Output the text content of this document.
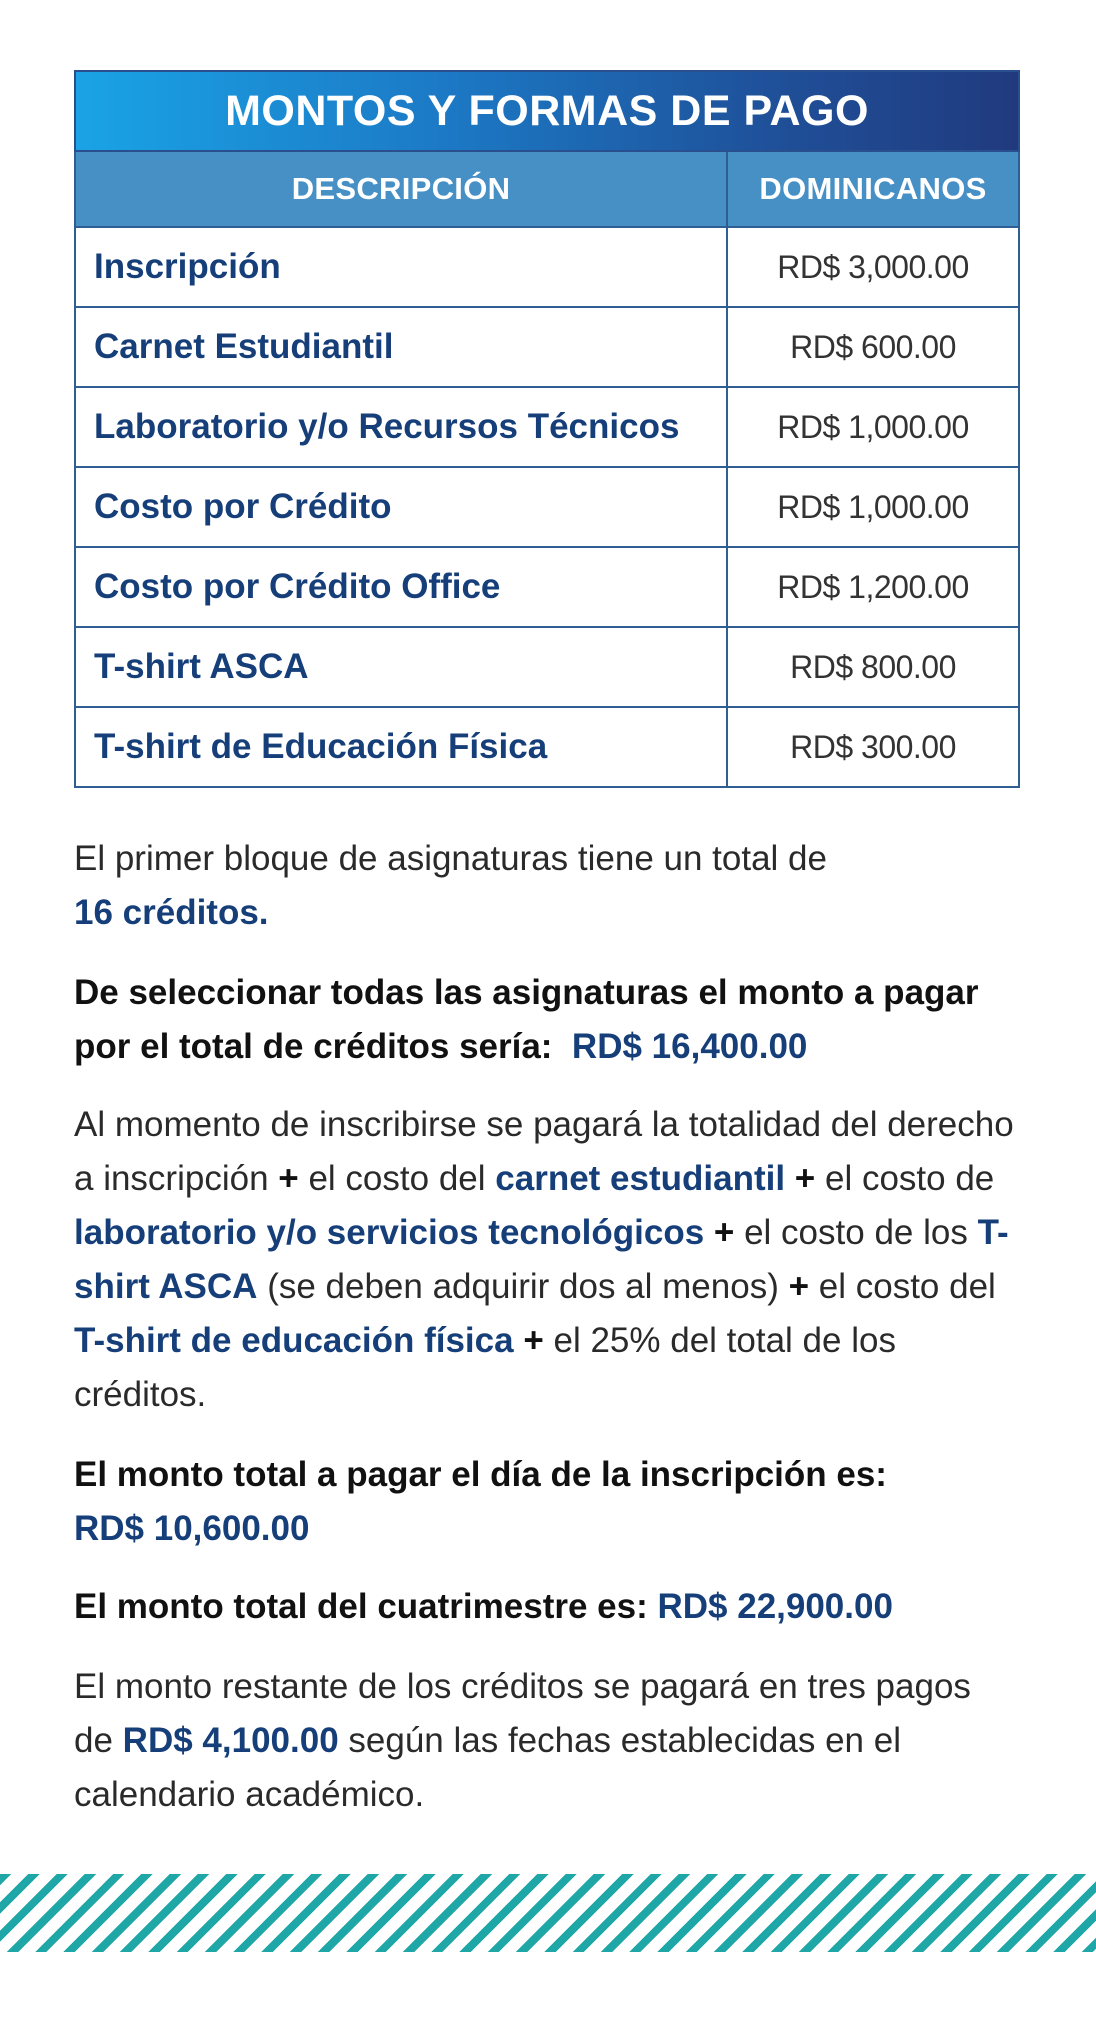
MONTOS Y FORMAS DE PAGO	
DESCRIPCIÓN	DOMINICANOS
Inscripción	RD$ 3,000.00
Carnet Estudiantil	RD$ 600.00
Laboratorio y/o Recursos Técnicos	RD$ 1,000.00
Costo por Crédito	RD$ 1,000.00
Costo por Crédito Office	RD$ 1,200.00
T-shirt ASCA	RD$ 800.00
T-shirt de Educación Física	RD$ 300.00
El primer bloque de asignaturas tiene un total de
16 créditos.
De seleccionar todas las asignaturas el monto a pagar por el total de créditos sería: RD$ 16,400.00
Al momento de inscribirse se pagará la totalidad del derecho a inscripción + el costo del carnet estudiantil + el costo de laboratorio y/o servicios tecnológicos + el costo de los T-shirt ASCA (se deben adquirir dos al menos) + el costo del T-shirt de educación física + el 25% del total de los créditos.
El monto total a pagar el día de la inscripción es:
RD$ 10,600.00
El monto total del cuatrimestre es: RD$ 22,900.00
El monto restante de los créditos se pagará en tres pagos de RD$ 4,100.00 según las fechas establecidas en el calendario académico.
